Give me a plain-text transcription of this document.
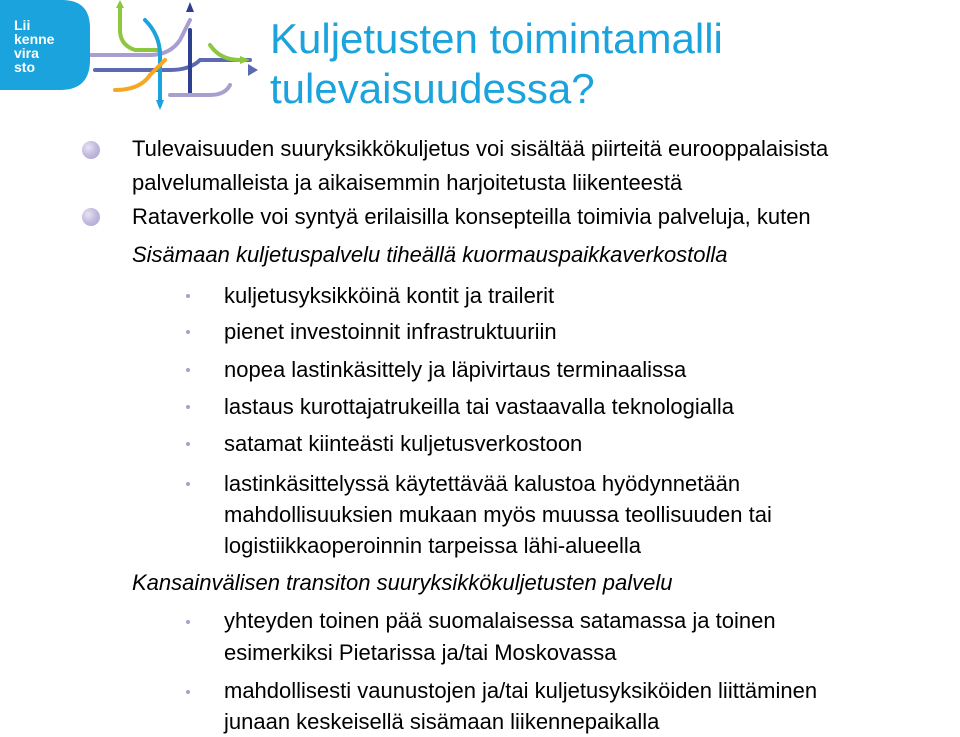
Lii
kenne
vira
sto
Kuljetusten toimintamalli
tulevaisuudessa?
Tulevaisuuden suuryksikkökuljetus voi sisältää piirteitä eurooppalaisista
palvelumalleista ja aikaisemmin harjoitetusta liikenteestä
Rataverkolle voi syntyä erilaisilla konsepteilla toimivia palveluja, kuten
Sisämaan kuljetuspalvelu tiheällä kuormauspaikkaverkostolla
kuljetusyksikköinä kontit ja trailerit
pienet investoinnit infrastruktuuriin
nopea lastinkäsittely ja läpivirtaus terminaalissa
lastaus kurottajatrukeilla tai vastaavalla teknologialla
satamat kiinteästi kuljetusverkostoon
lastinkäsittelyssä käytettävää kalustoa hyödynnetään
mahdollisuuksien mukaan myös muussa teollisuuden tai
logistiikkaoperoinnin tarpeissa lähi-alueella
Kansainvälisen transiton suuryksikkökuljetusten palvelu
yhteyden toinen pää suomalaisessa satamassa ja toinen
esimerkiksi Pietarissa ja/tai Moskovassa
mahdollisesti vaunustojen ja/tai kuljetusyksiköiden liittäminen
junaan keskeisellä sisämaan liikennepaikalla
